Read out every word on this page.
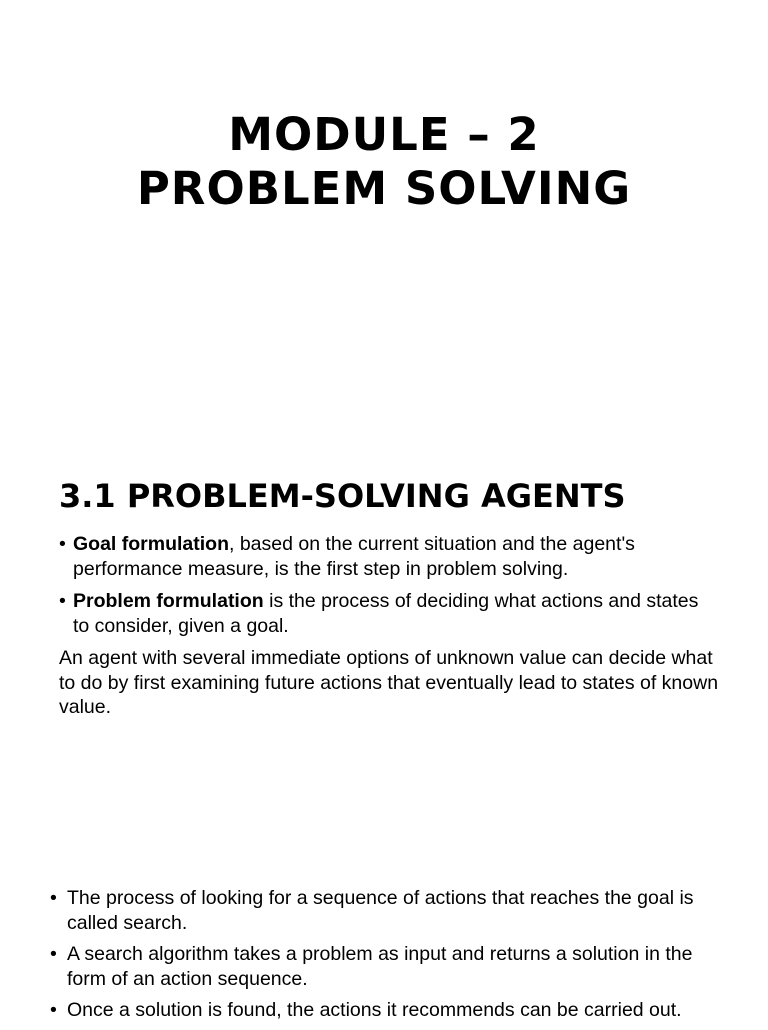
MODULE – 2
PROBLEM SOLVING
3.1 PROBLEM-SOLVING AGENTS

• Goal formulation, based on the current situation and the agent's performance measure, is the first step in problem solving.

• Problem formulation is the process of deciding what actions and states to consider, given a goal.

An agent with several immediate options of unknown value can decide what to do by first examining future actions that eventually lead to states of known value.

• The process of looking for a sequence of actions that reaches the goal is called search.

• A search algorithm takes a problem as input and returns a solution in the form of an action sequence.

• Once a solution is found, the actions it recommends can be carried out.
